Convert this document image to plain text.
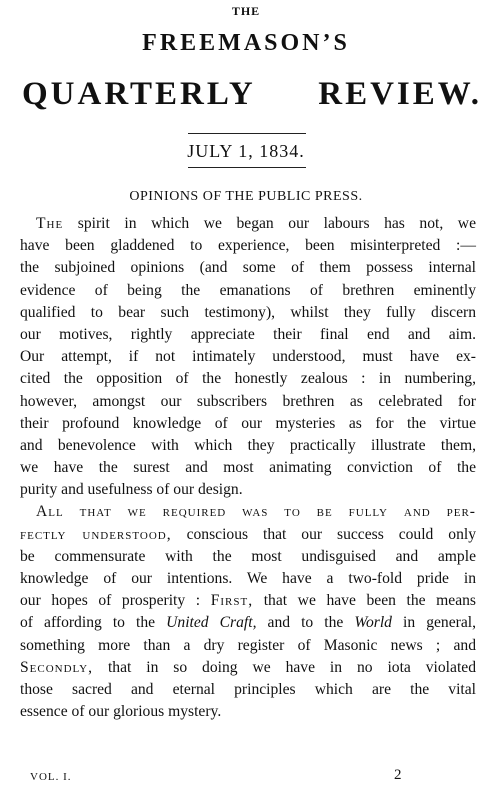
THE
FREEMASON’S
QUARTERLY REVIEW.
JULY 1, 1834.
OPINIONS OF THE PUBLIC PRESS.
The spirit in which we began our labours has not, we
have been gladdened to experience, been misinterpreted :—
the subjoined opinions (and some of them possess internal
evidence of being the emanations of brethren eminently
qualified to bear such testimony), whilst they fully discern
our motives, rightly appreciate their final end and aim.
Our attempt, if not intimately understood, must have ex-
cited the opposition of the honestly zealous : in numbering,
however, amongst our subscribers brethren as celebrated for
their profound knowledge of our mysteries as for the virtue
and benevolence with which they practically illustrate them,
we have the surest and most animating conviction of the
purity and usefulness of our design.
All that we required was to be fully and per-
fectly understood, conscious that our success could only
be commensurate with the most undisguised and ample
knowledge of our intentions. We have a two-fold pride in
our hopes of prosperity : First, that we have been the means
of affording to the United Craft, and to the World in general,
something more than a dry register of Masonic news ; and
Secondly, that in so doing we have in no iota violated
those sacred and eternal principles which are the vital
essence of our glorious mystery.
VOL. I.	2
